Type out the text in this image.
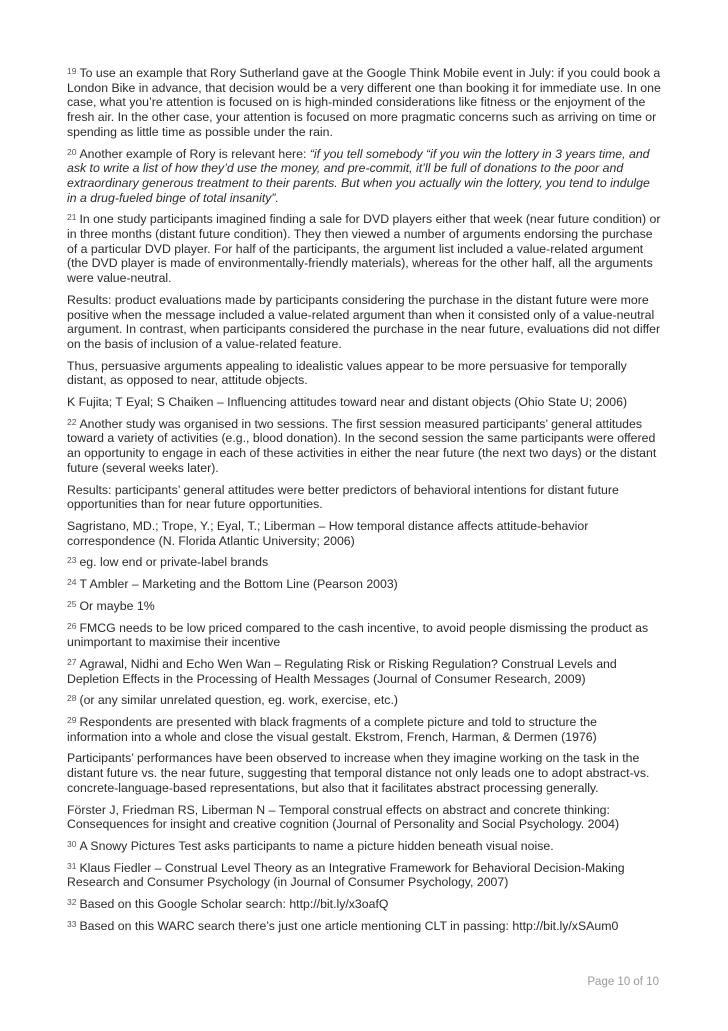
$^{19}$ To use an example that Rory Sutherland gave at the Google Think Mobile event in July: if you could book a London Bike in advance, that decision would be a very different one than booking it for immediate use. In one case, what you’re attention is focused on is high-minded considerations like fitness or the enjoyment of the fresh air. In the other case, your attention is focused on more pragmatic concerns such as arriving on time or spending as little time as possible under the rain.

$^{20}$ Another example of Rory is relevant here: “if you tell somebody “if you win the lottery in 3 years time, and ask to write a list of how they’d use the money, and pre-commit, it’ll be full of donations to the poor and extraordinary generous treatment to their parents. But when you actually win the lottery, you tend to indulge in a drug-fueled binge of total insanity”.

$^{21}$ In one study participants imagined finding a sale for DVD players either that week (near future condition) or in three months (distant future condition). They then viewed a number of arguments endorsing the purchase of a particular DVD player. For half of the participants, the argument list included a value-related argument (the DVD player is made of environmentally-friendly materials), whereas for the other half, all the arguments were value-neutral.

Results: product evaluations made by participants considering the purchase in the distant future were more positive when the message included a value-related argument than when it consisted only of a value-neutral argument. In contrast, when participants considered the purchase in the near future, evaluations did not differ on the basis of inclusion of a value-related feature.

Thus, persuasive arguments appealing to idealistic values appear to be more persuasive for temporally distant, as opposed to near, attitude objects.

K Fujita; T Eyal; S Chaiken – Influencing attitudes toward near and distant objects (Ohio State U; 2006)

$^{22}$ Another study was organised in two sessions. The first session measured participants’ general attitudes toward a variety of activities (e.g., blood donation). In the second session the same participants were offered an opportunity to engage in each of these activities in either the near future (the next two days) or the distant future (several weeks later).

Results: participants’ general attitudes were better predictors of behavioral intentions for distant future opportunities than for near future opportunities.

Sagristano, MD.; Trope, Y.; Eyal, T.; Liberman – How temporal distance affects attitude-behavior correspondence (N. Florida Atlantic University; 2006)

$^{23}$ eg. low end or private-label brands

$^{24}$ T Ambler – Marketing and the Bottom Line (Pearson 2003)

$^{25}$ Or maybe 1%

$^{26}$ FMCG needs to be low priced compared to the cash incentive, to avoid people dismissing the product as unimportant to maximise their incentive

$^{27}$ Agrawal, Nidhi and Echo Wen Wan – Regulating Risk or Risking Regulation? Construal Levels and Depletion Effects in the Processing of Health Messages (Journal of Consumer Research, 2009)

$^{28}$ (or any similar unrelated question, eg. work, exercise, etc.)

$^{29}$ Respondents are presented with black fragments of a complete picture and told to structure the information into a whole and close the visual gestalt. Ekstrom, French, Harman, & Dermen (1976)

Participants’ performances have been observed to increase when they imagine working on the task in the distant future vs. the near future, suggesting that temporal distance not only leads one to adopt abstract-vs. concrete-language-based representations, but also that it facilitates abstract processing generally.

Förster J, Friedman RS, Liberman N – Temporal construal effects on abstract and concrete thinking: Consequences for insight and creative cognition (Journal of Personality and Social Psychology. 2004)

$^{30}$ A Snowy Pictures Test asks participants to name a picture hidden beneath visual noise.

$^{31}$ Klaus Fiedler – Construal Level Theory as an Integrative Framework for Behavioral Decision-Making Research and Consumer Psychology (in Journal of Consumer Psychology, 2007)

$^{32}$ Based on this Google Scholar search: http://bit.ly/x3oafQ

$^{33}$ Based on this WARC search there’s just one article mentioning CLT in passing: http://bit.ly/xSAum0

Page 10 of 10
